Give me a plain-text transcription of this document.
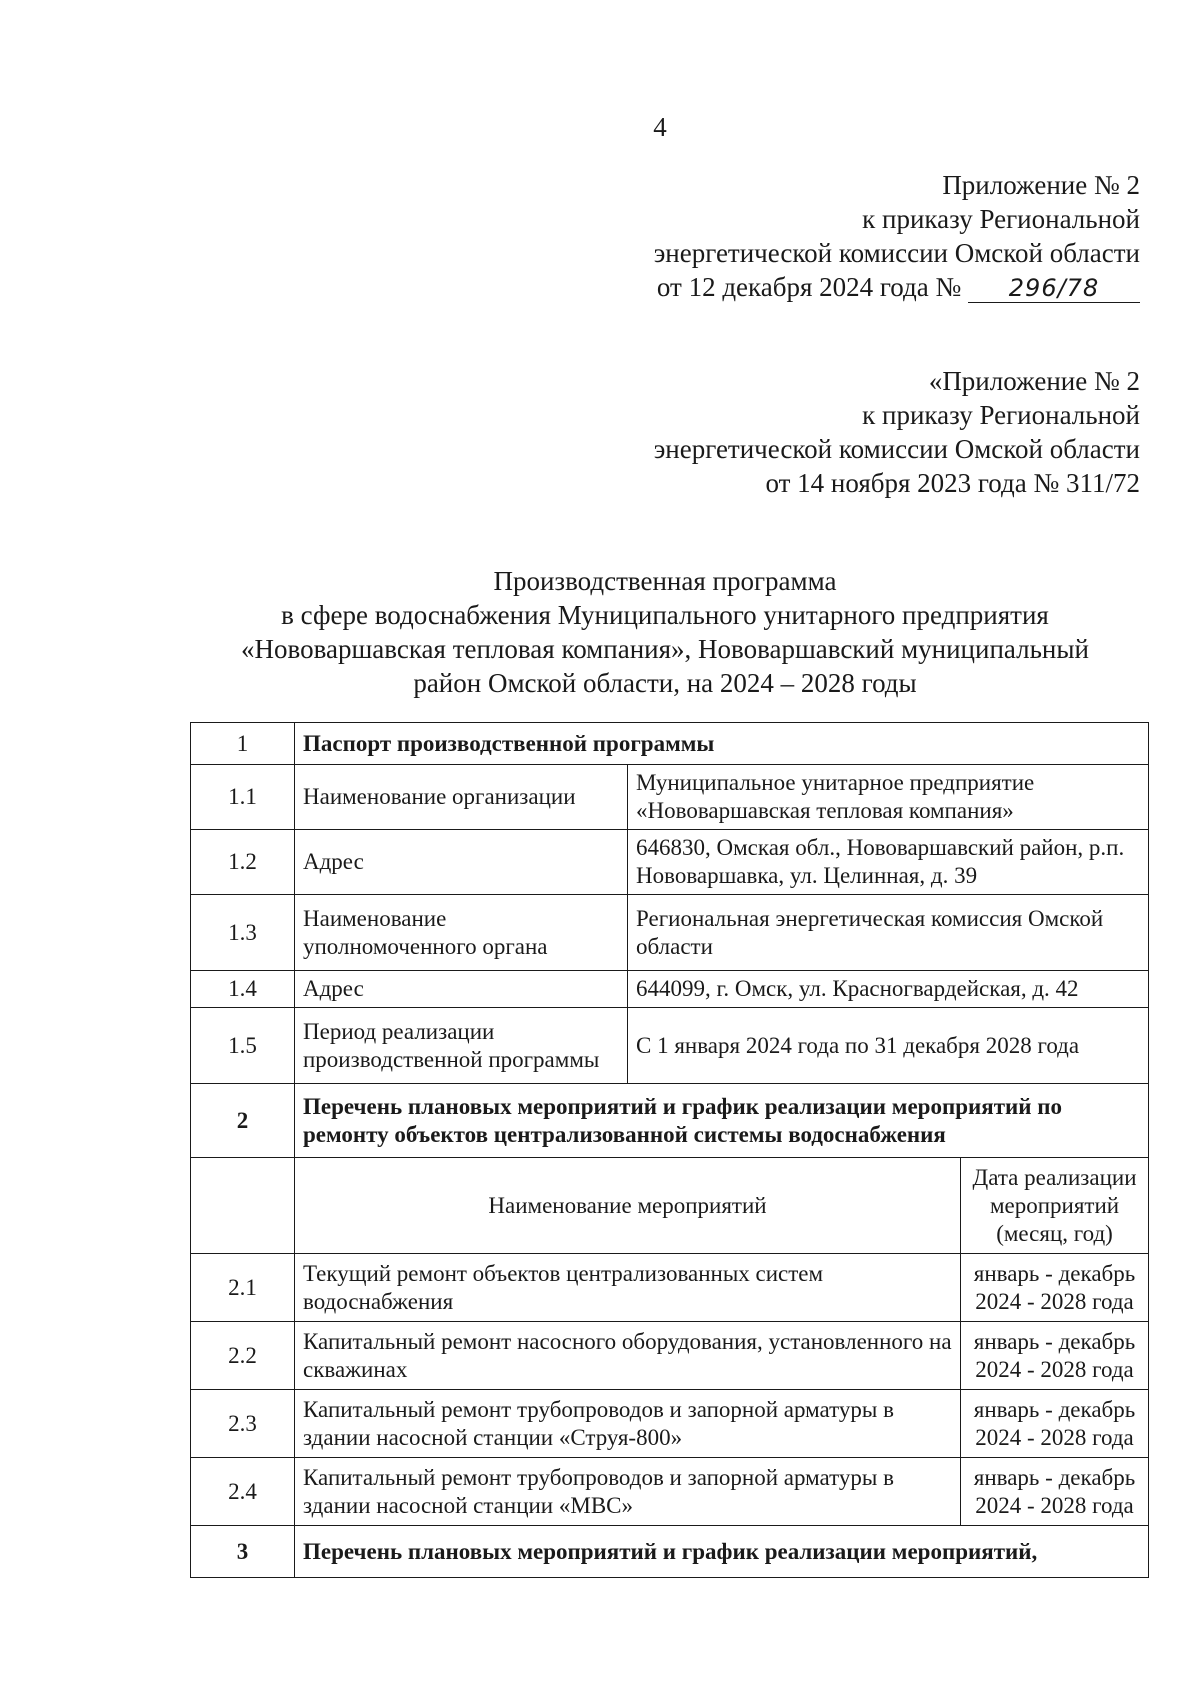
4
Приложение № 2
к приказу Региональной
энергетической комиссии Омской области
от 12 декабря 2024 года № 296/78
«Приложение № 2
к приказу Региональной
энергетической комиссии Омской области
от 14 ноября 2023 года № 311/72
Производственная программа
в сфере водоснабжения Муниципального унитарного предприятия
«Нововаршавская тепловая компания», Нововаршавский муниципальный
район Омской области, на 2024 – 2028 годы
1	Паспорт производственной программы		
1.1	Наименование организации	Муниципальное унитарное предприятие «Нововаршавская тепловая компания»	
1.2	Адрес	646830, Омская обл., Нововаршавский район, р.п. Нововаршавка, ул. Целинная, д. 39	
1.3	Наименование уполномоченного органа	Региональная энергетическая комиссия Омской области	
1.4	Адрес	644099, г. Омск, ул. Красногвардейская, д. 42	
1.5	Период реализации производственной программы	С 1 января 2024 года по 31 декабря 2028 года	
2	Перечень плановых мероприятий и график реализации мероприятий по ремонту объектов централизованной системы водоснабжения		
	Наименование мероприятий		Дата реализации мероприятий (месяц, год)
2.1	Текущий ремонт объектов централизованных систем водоснабжения		январь - декабрь 2024 - 2028 года
2.2	Капитальный ремонт насосного оборудования, установленного на скважинах		январь - декабрь 2024 - 2028 года
2.3	Капитальный ремонт трубопроводов и запорной арматуры в здании насосной станции «Струя-800»		январь - декабрь 2024 - 2028 года
2.4	Капитальный ремонт трубопроводов и запорной арматуры в здании насосной станции «МВС»		январь - декабрь 2024 - 2028 года
3	Перечень плановых мероприятий и график реализации мероприятий,		
